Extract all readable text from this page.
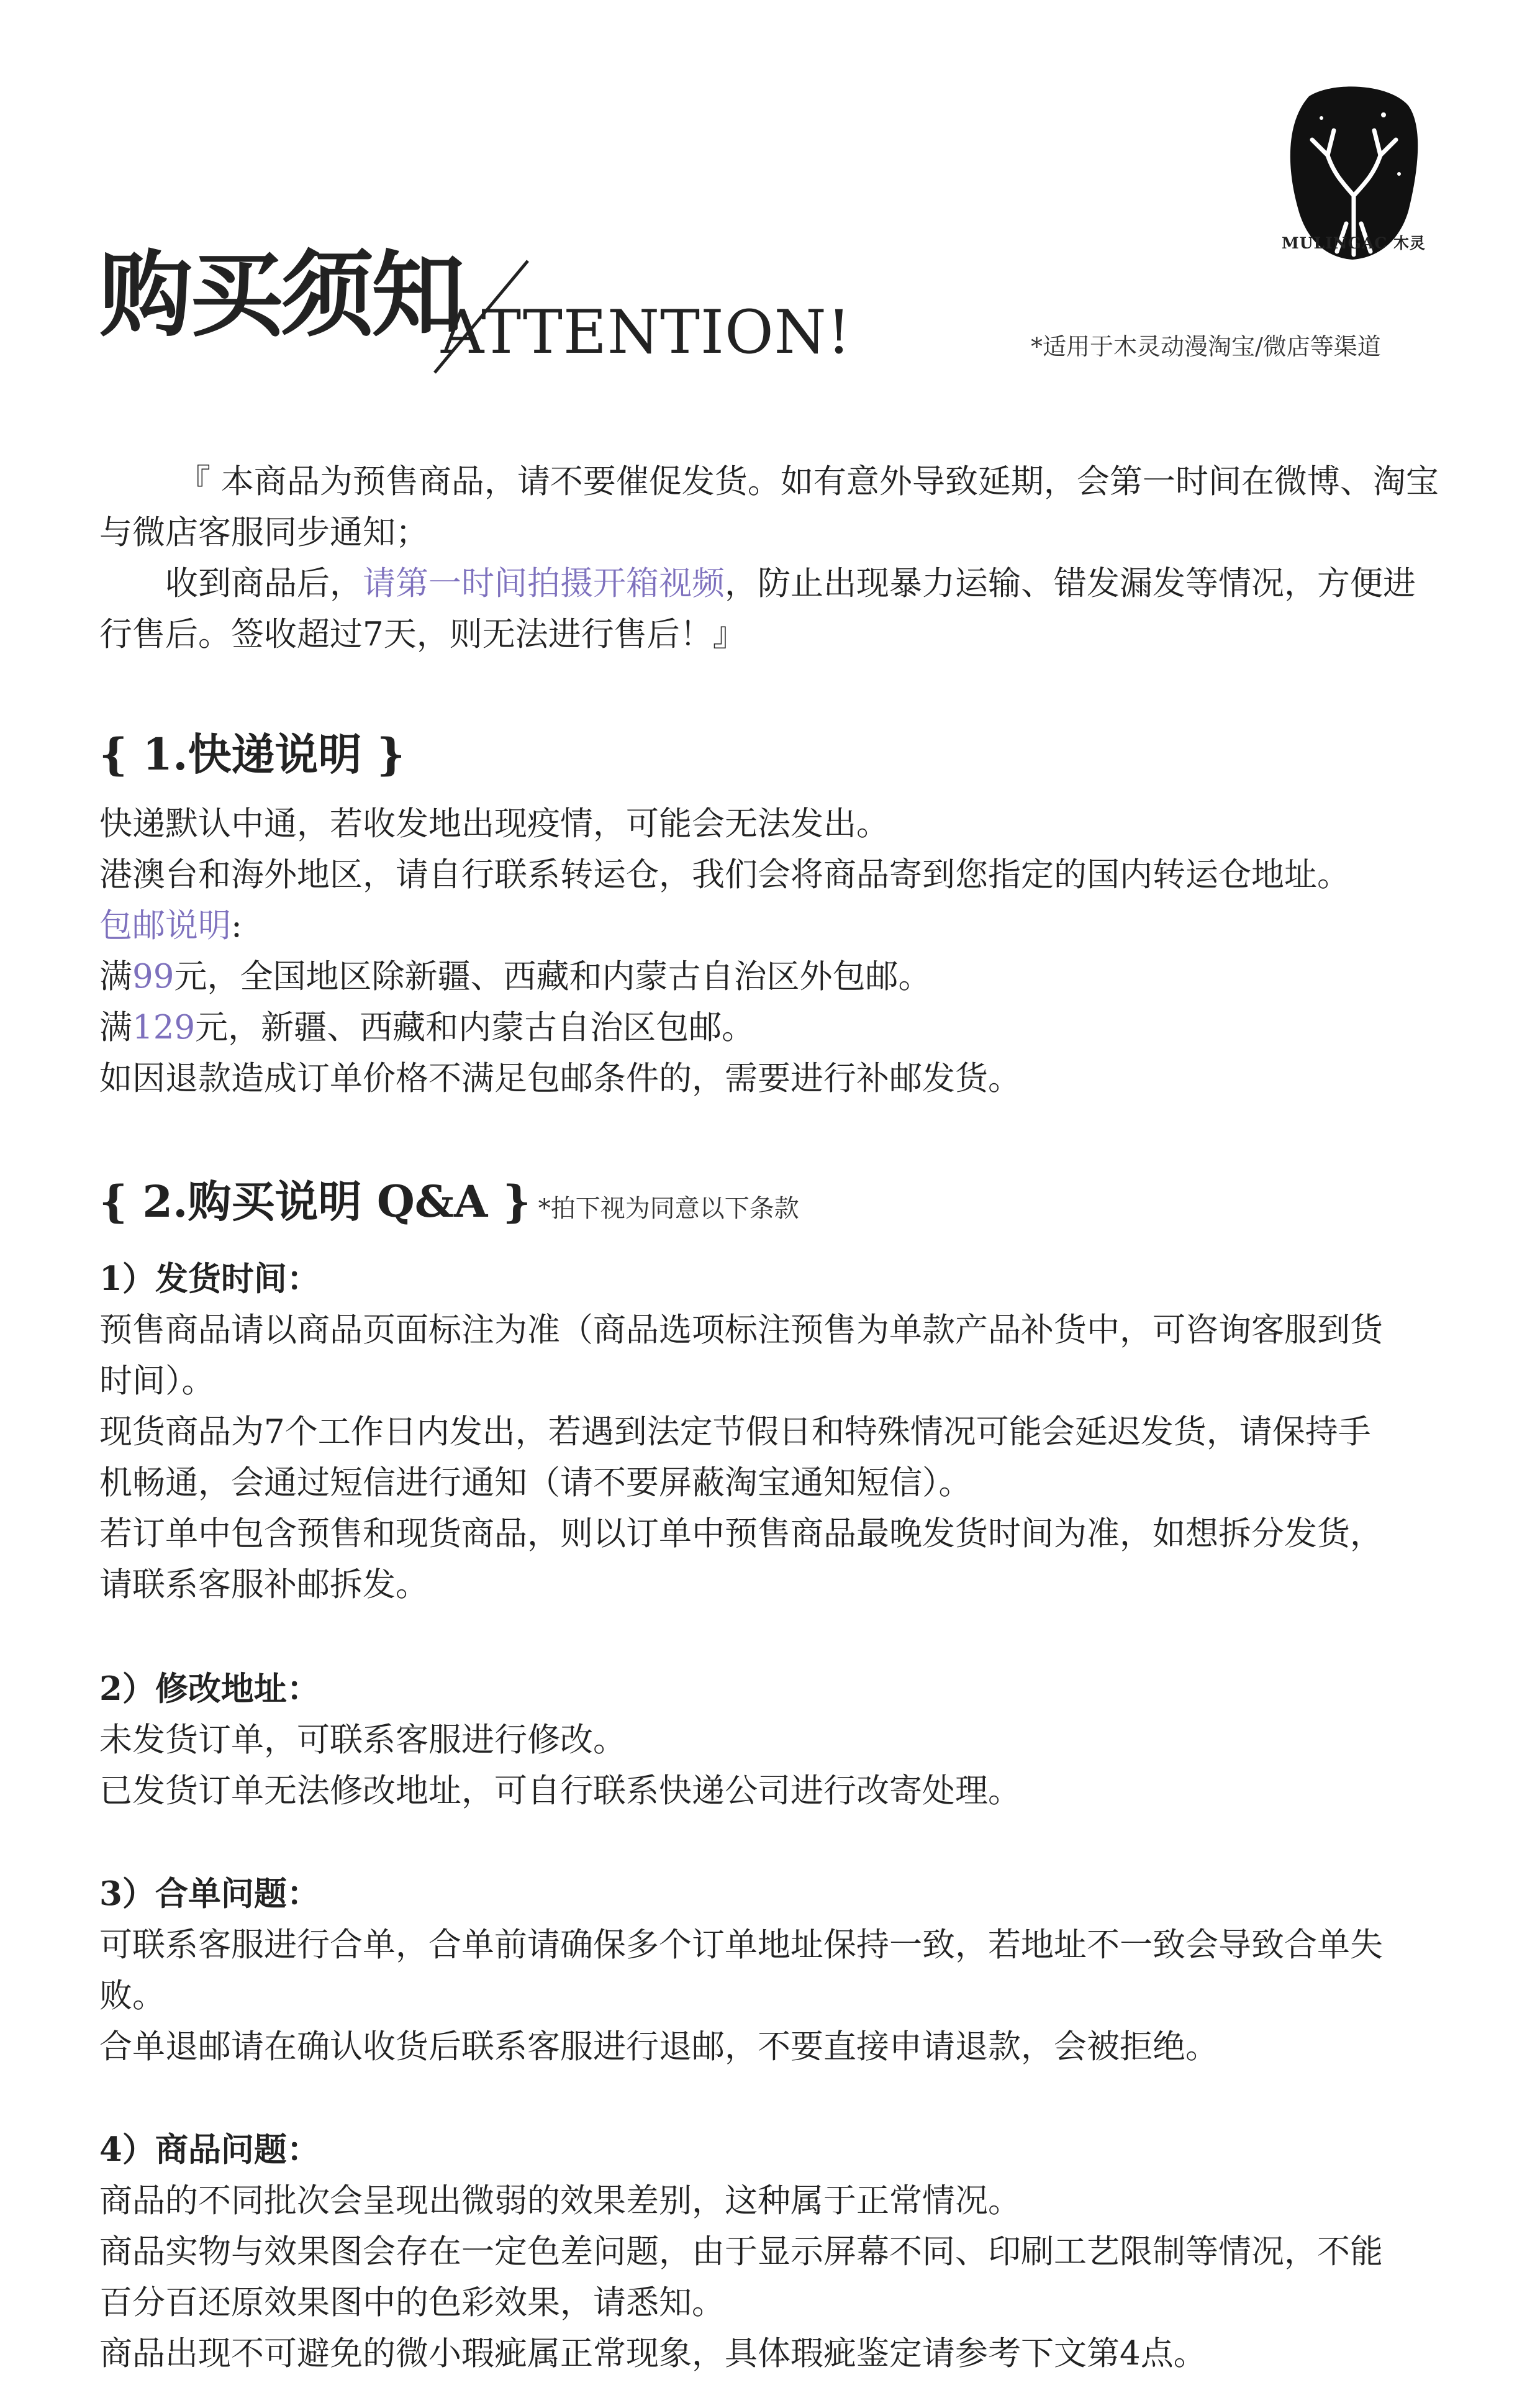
MULINGAC 木灵
购买须知
ATTENTION!	*适用于木灵动漫淘宝/微店等渠道
『 本商品为预售商品，请不要催促发货。如有意外导致延期，会第一时间在微博、淘宝与微店客服同步通知；
收到商品后，请第一时间拍摄开箱视频，防止出现暴力运输、错发漏发等情况，方便进行售后。签收超过7天，则无法进行售后！』
{ 1.快递说明 }
快递默认中通，若收发地出现疫情，可能会无法发出。
港澳台和海外地区，请自行联系转运仓，我们会将商品寄到您指定的国内转运仓地址。
包邮说明:
满99元，全国地区除新疆、西藏和内蒙古自治区外包邮。
满129元，新疆、西藏和内蒙古自治区包邮。
如因退款造成订单价格不满足包邮条件的，需要进行补邮发货。
{ 2.购买说明 Q&A } *拍下视为同意以下条款
1）发货时间：
预售商品请以商品页面标注为准（商品选项标注预售为单款产品补货中，可咨询客服到货
时间）。
现货商品为7个工作日内发出，若遇到法定节假日和特殊情况可能会延迟发货，请保持手
机畅通，会通过短信进行通知（请不要屏蔽淘宝通知短信）。
若订单中包含预售和现货商品，则以订单中预售商品最晚发货时间为准，如想拆分发货，
请联系客服补邮拆发。
2）修改地址：
未发货订单，可联系客服进行修改。
已发货订单无法修改地址，可自行联系快递公司进行改寄处理。
3）合单问题：
可联系客服进行合单，合单前请确保多个订单地址保持一致，若地址不一致会导致合单失
败。
合单退邮请在确认收货后联系客服进行退邮，不要直接申请退款，会被拒绝。
4）商品问题：
商品的不同批次会呈现出微弱的效果差别，这种属于正常情况。
商品实物与效果图会存在一定色差问题，由于显示屏幕不同、印刷工艺限制等情况，不能
百分百还原效果图中的色彩效果，请悉知。
商品出现不可避免的微小瑕疵属正常现象，具体瑕疵鉴定请参考下文第4点。
